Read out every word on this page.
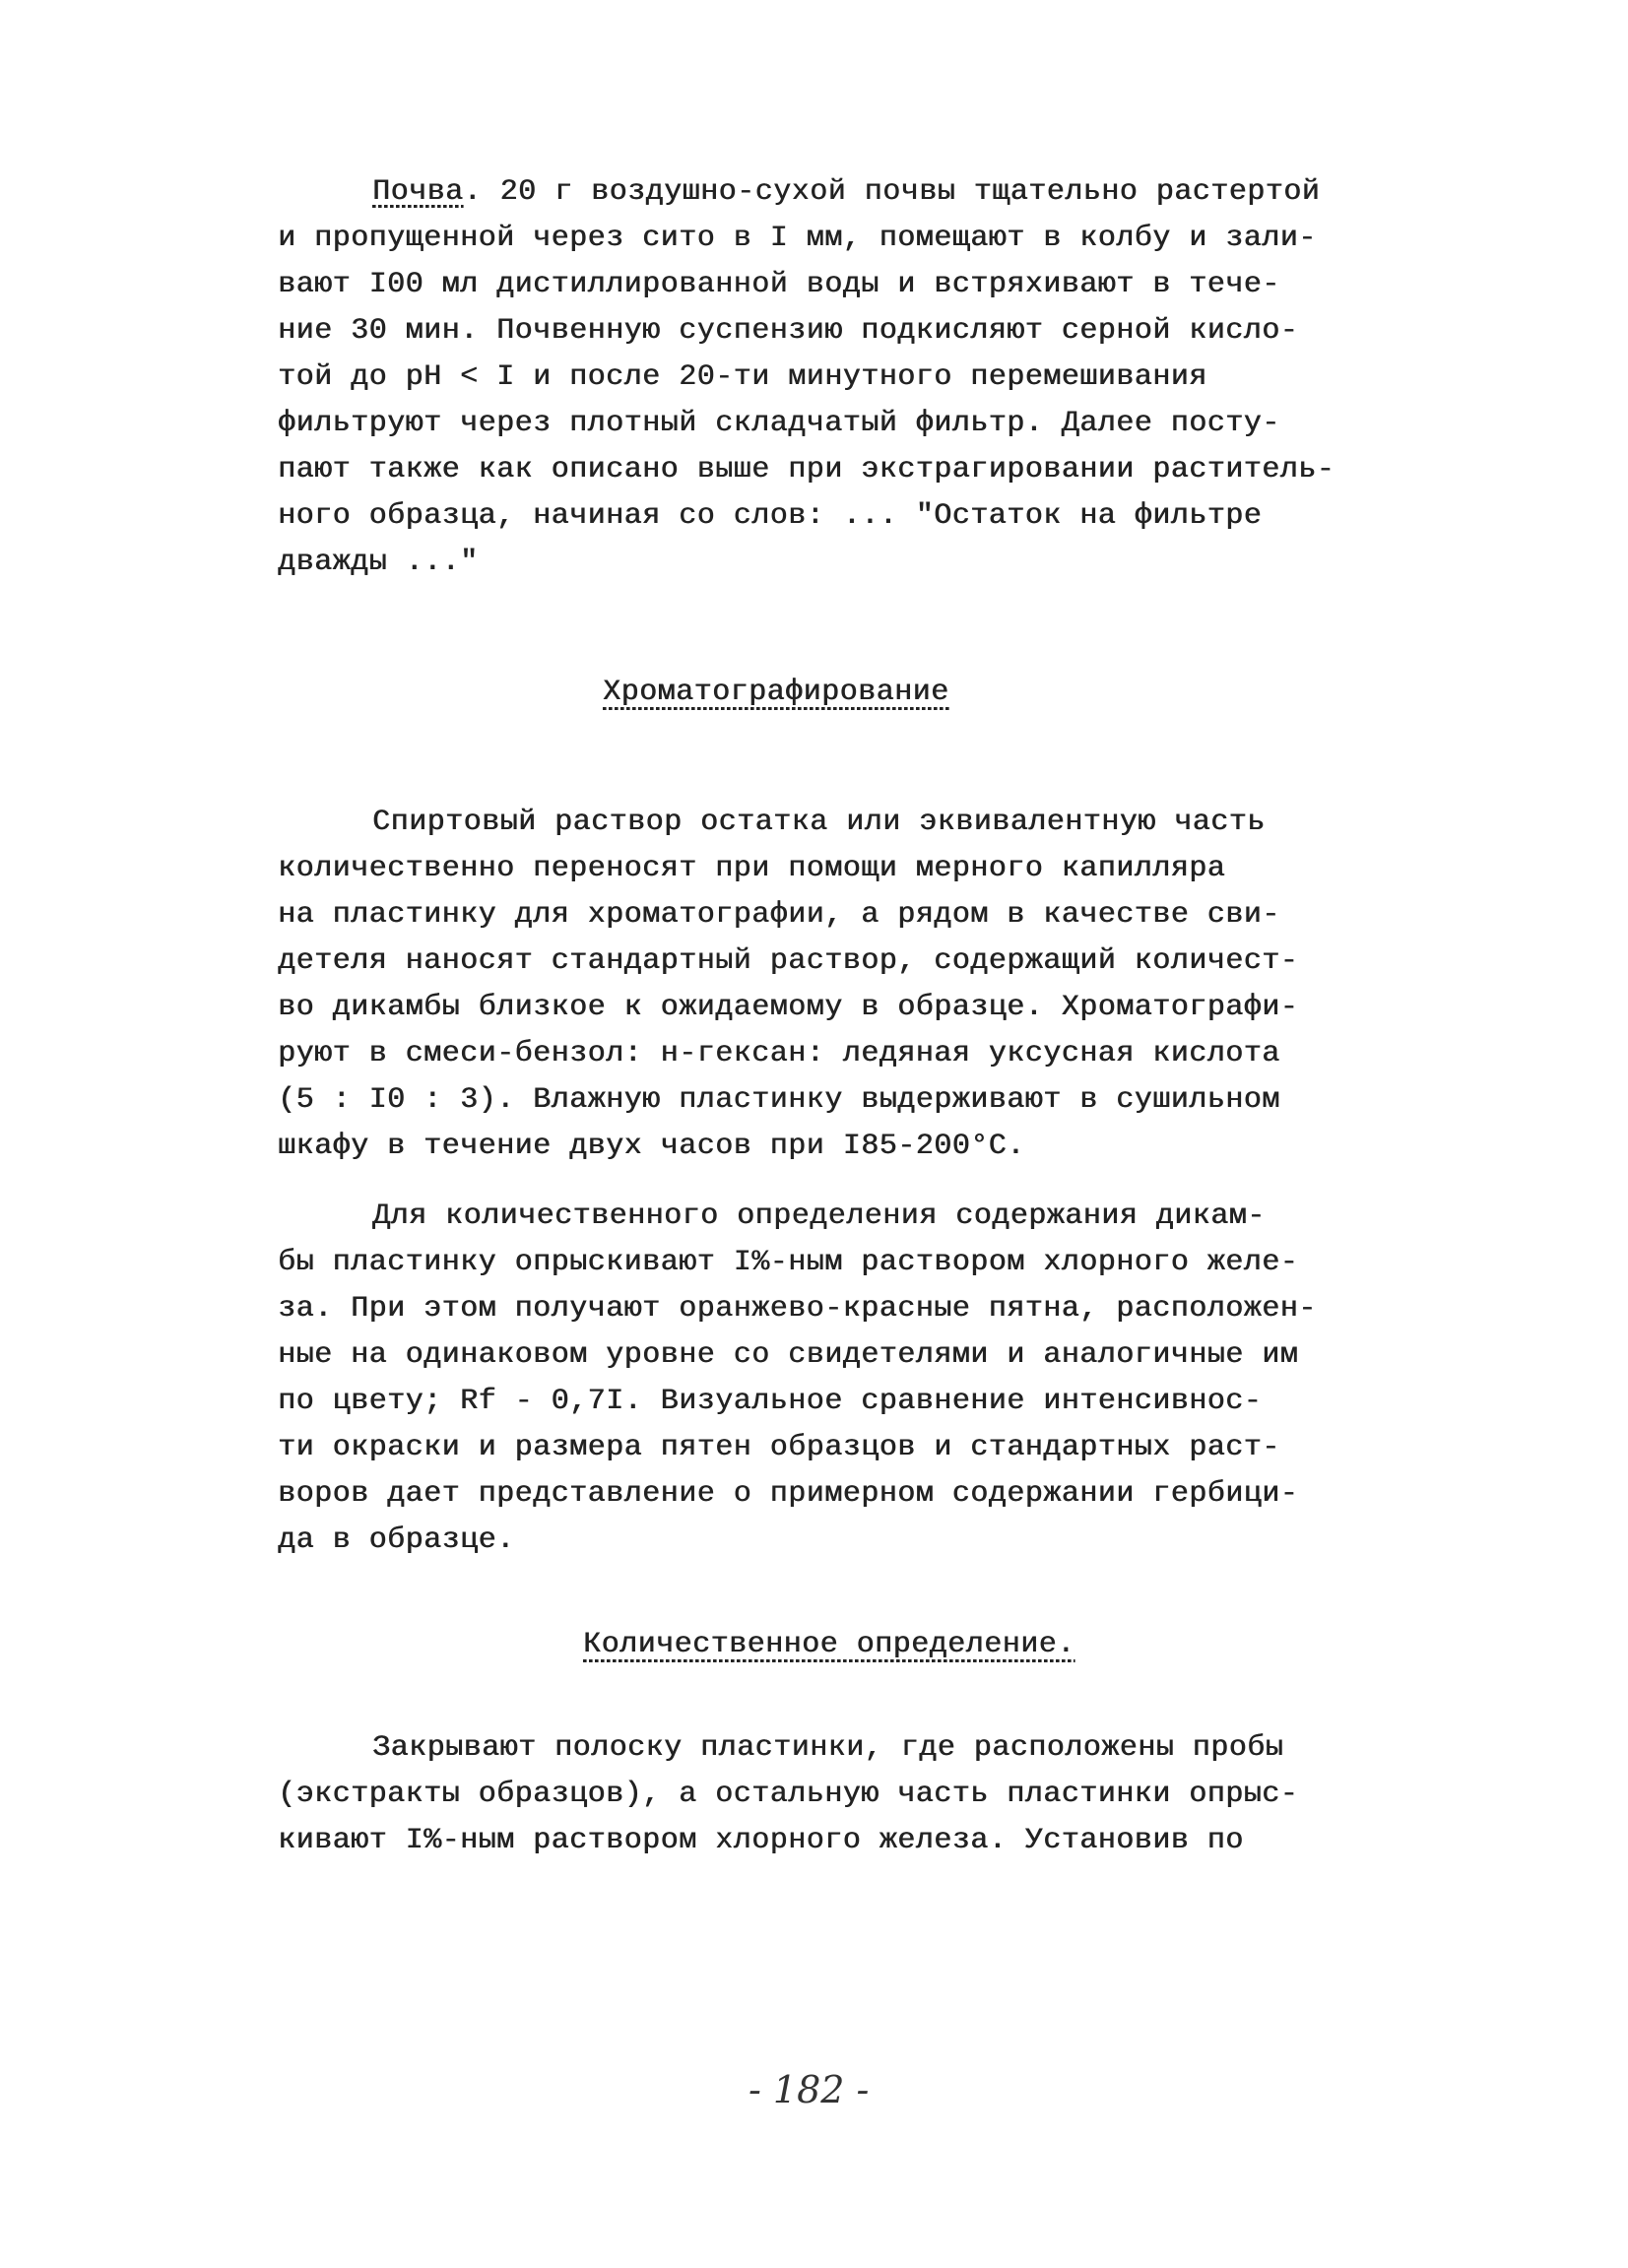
Почва. 20 г воздушно-сухой почвы тщательно растертой
и пропущенной через сито в I мм, помещают в колбу и зали-
вают I00 мл дистиллированной воды и встряхивают в тече-
ние 30 мин. Почвенную суспензию подкисляют серной кисло-
той до pH < I и после 20-ти минутного перемешивания
фильтруют через плотный складчатый фильтр. Далее посту-
пают также как описано выше при экстрагировании раститель-
ного образца, начиная со слов: ... "Остаток на фильтре
дважды ..."
Хроматографирование
Спиртовый раствор остатка или эквивалентную часть
количественно переносят при помощи мерного капилляра
на пластинку для хроматографии, а рядом в качестве сви-
детеля наносят стандартный раствор, содержащий количест-
во дикамбы близкое к ожидаемому в образце. Хроматографи-
руют в смеси-бензол: н-гексан: ледяная уксусная кислота
(5 : I0 : 3). Влажную пластинку выдерживают в сушильном
шкафу в течение двух часов при I85-200°С.
Для количественного определения содержания дикам-
бы пластинку опрыскивают I%-ным раствором хлорного желе-
за. При этом получают оранжево-красные пятна, расположен-
ные на одинаковом уровне со свидетелями и аналогичные им
по цвету; Rf - 0,7I. Визуальное сравнение интенсивнос-
ти окраски и размера пятен образцов и стандартных раст-
воров дает представление о примерном содержании гербици-
да в образце.
Количественное определение.
Закрывают полоску пластинки, где расположены пробы
(экстракты образцов), а остальную часть пластинки опрыс-
кивают I%-ным раствором хлорного железа. Установив по
- 182 -
